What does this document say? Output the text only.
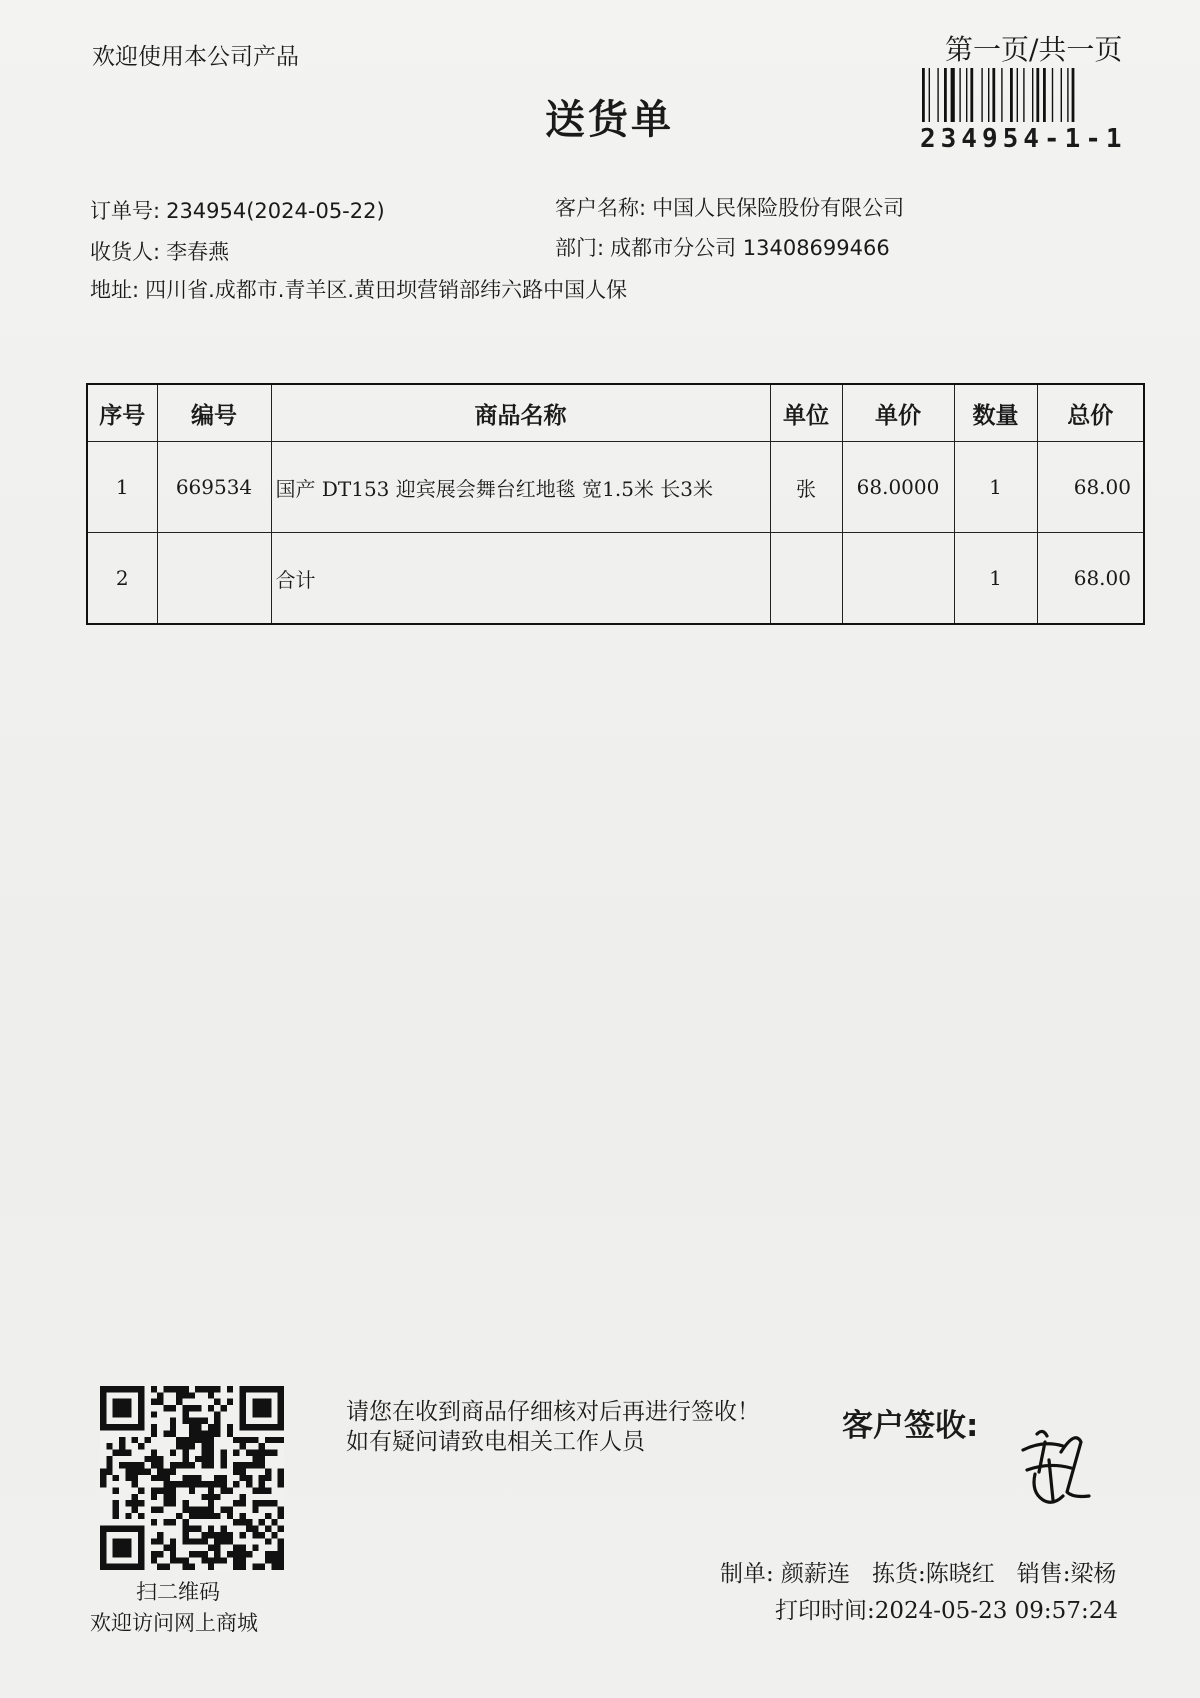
欢迎使用本公司产品	第一页/共一页
送货单	234954-1-1
订单号: 234954(2024-05-22)	客户名称: 中国人民保险股份有限公司
收货人: 李春燕	部门: 成都市分公司 13408699466
地址: 四川省.成都市.青羊区.黄田坝营销部纬六路中国人保
序号	编号	商品名称	单位	单价	数量	总价
1	669534	国产 DT153 迎宾展会舞台红地毯 宽1.5米 长3米	张	68.0000	1	68.00
2		合计			1	68.00
扫二维码
欢迎访问网上商城
请您在收到商品仔细核对后再进行签收！如有疑问请致电相关工作人员	客户签收:
制单: 颜薪连 拣货:陈晓红 销售:梁杨
打印时间:2024-05-23 09:57:24
